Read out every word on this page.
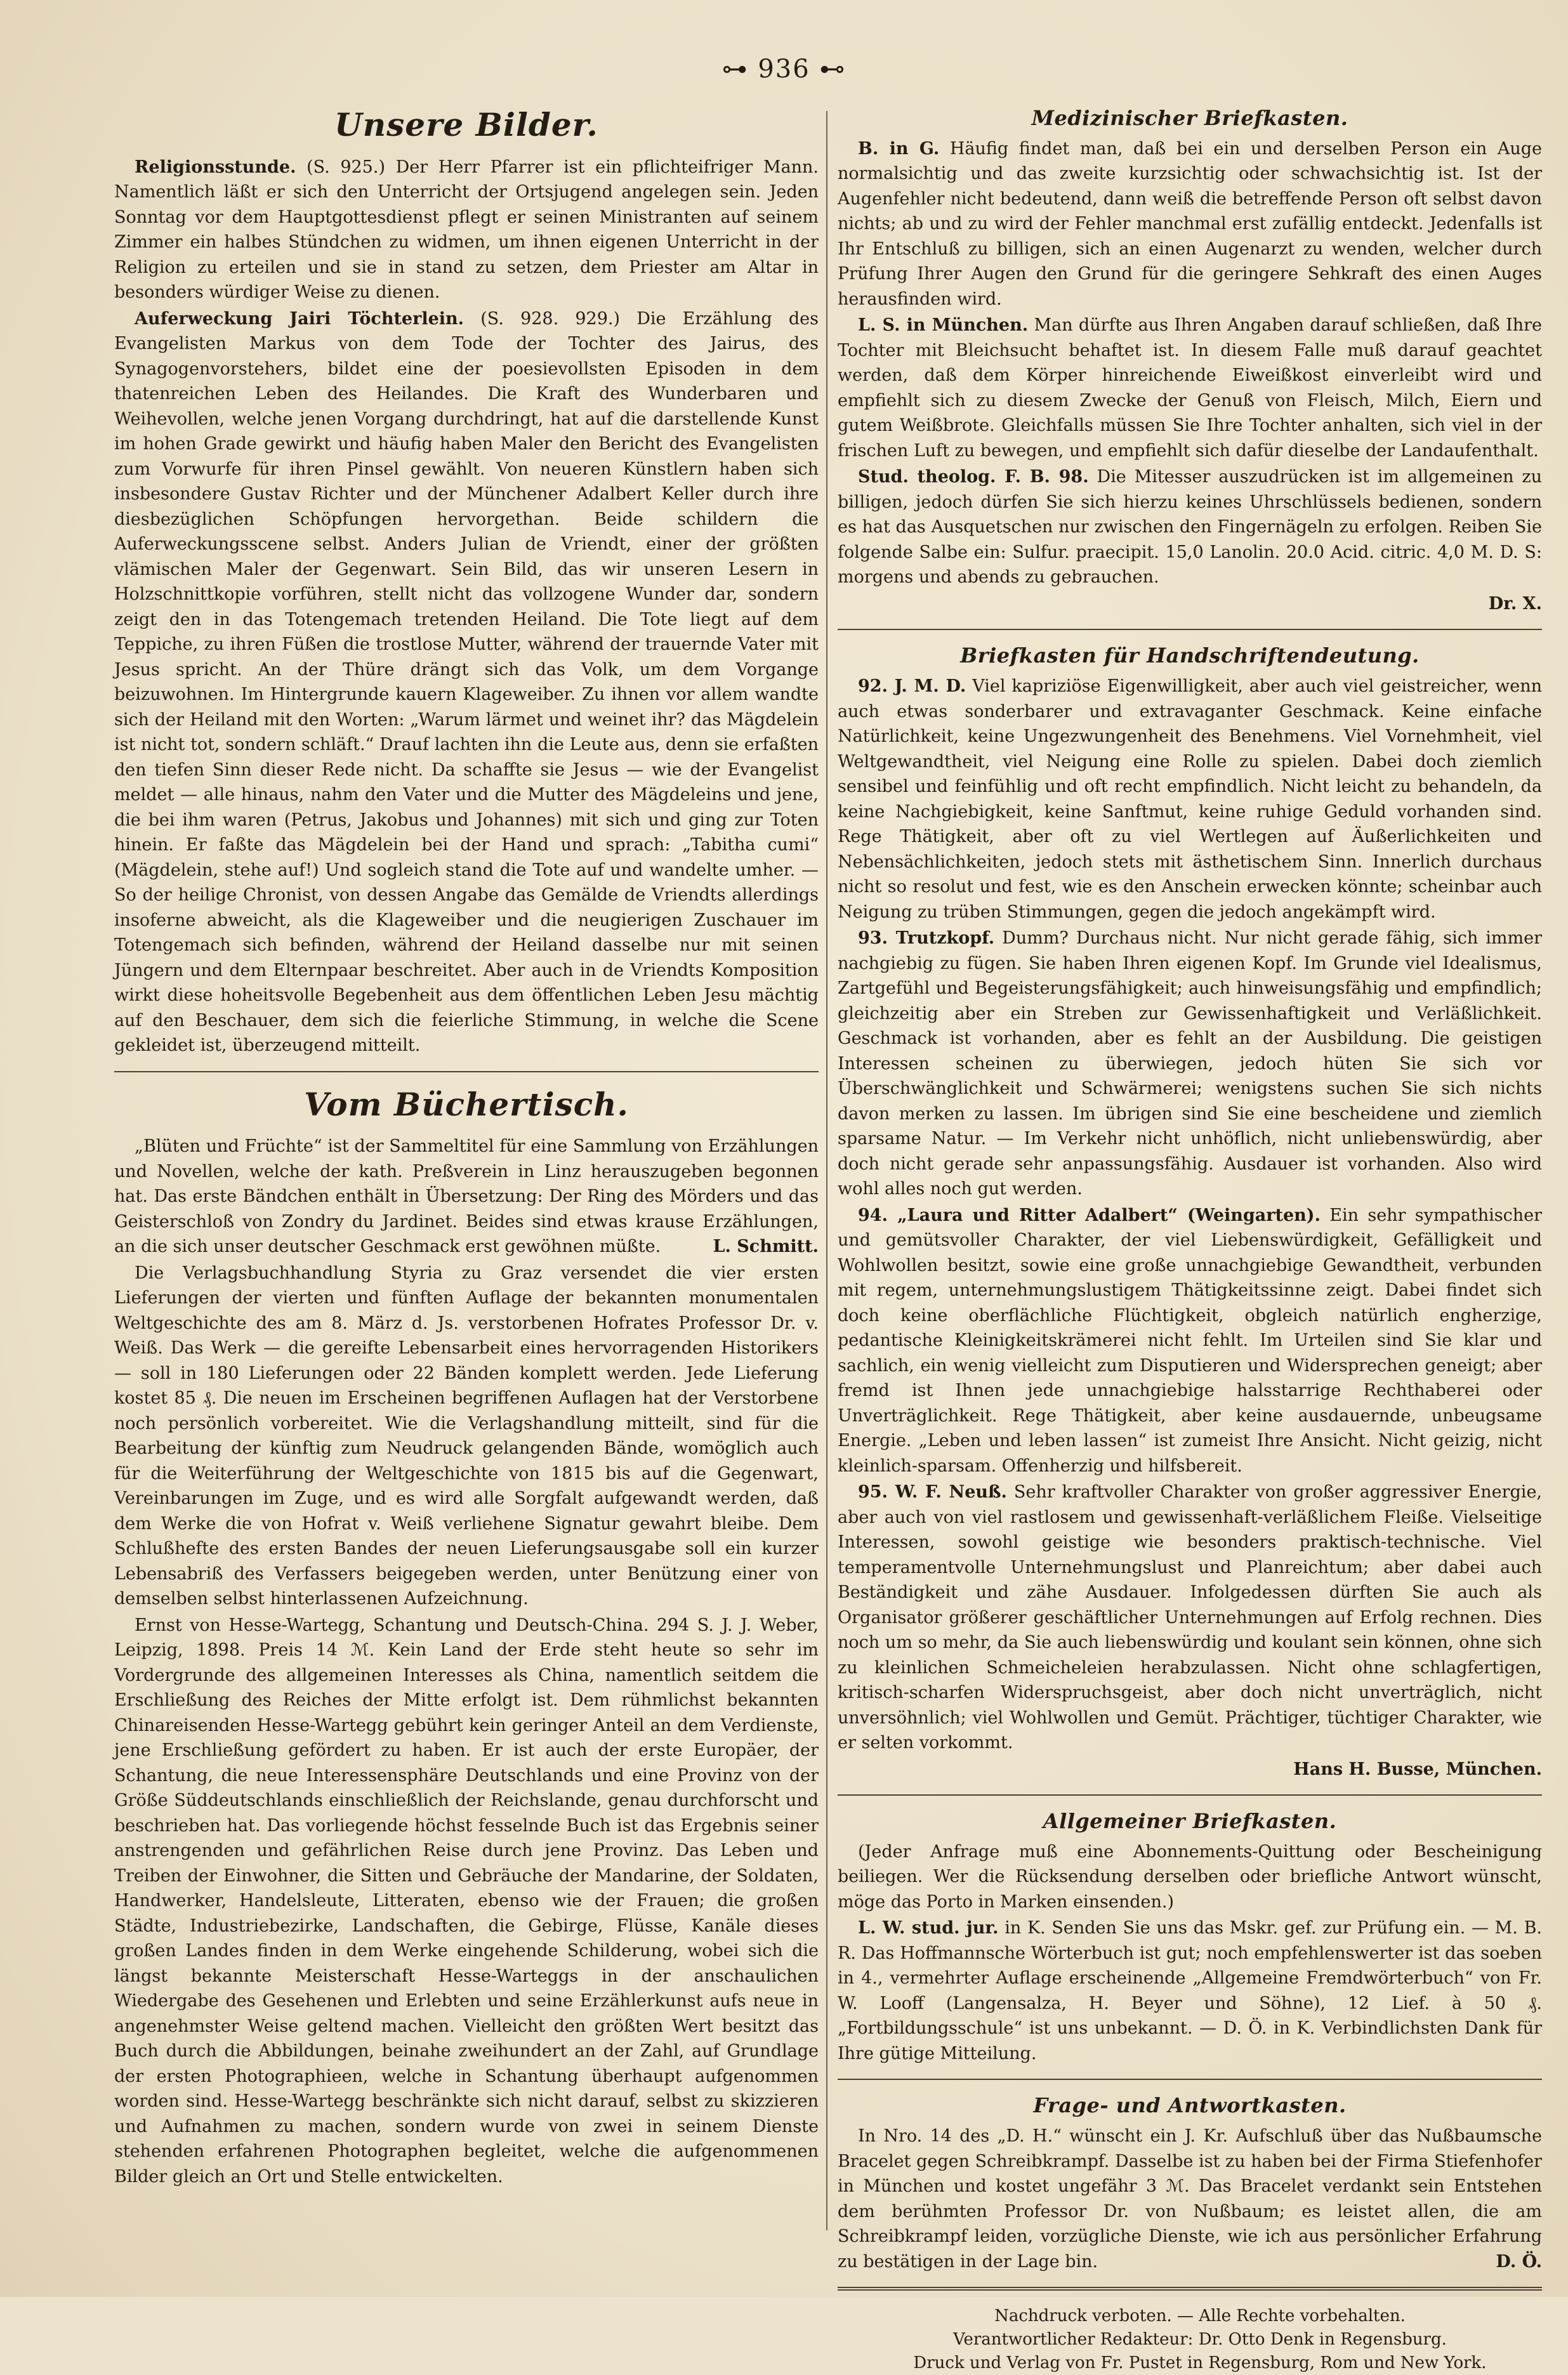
⊶ 936 ⊷
Unsere Bilder.

Religionsstunde. (S. 925.) Der Herr Pfarrer ist ein pflichteifriger Mann. Namentlich läßt er sich den Unterricht der Ortsjugend angelegen sein. Jeden Sonntag vor dem Hauptgottesdienst pflegt er seinen Ministranten auf seinem Zimmer ein halbes Stündchen zu widmen, um ihnen eigenen Unterricht in der Religion zu erteilen und sie in stand zu setzen, dem Priester am Altar in besonders würdiger Weise zu dienen.

Auferweckung Jairi Töchterlein. (S. 928. 929.) Die Erzählung des Evangelisten Markus von dem Tode der Tochter des Jairus, des Synagogenvorstehers, bildet eine der poesievollsten Episoden in dem thatenreichen Leben des Heilandes. Die Kraft des Wunderbaren und Weihevollen, welche jenen Vorgang durchdringt, hat auf die darstellende Kunst im hohen Grade gewirkt und häufig haben Maler den Bericht des Evangelisten zum Vorwurfe für ihren Pinsel gewählt. Von neueren Künstlern haben sich insbesondere Gustav Richter und der Münchener Adalbert Keller durch ihre diesbezüglichen Schöpfungen hervorgethan. Beide schildern die Auferweckungsscene selbst. Anders Julian de Vriendt, einer der größten vlämischen Maler der Gegenwart. Sein Bild, das wir unseren Lesern in Holzschnittkopie vorführen, stellt nicht das vollzogene Wunder dar, sondern zeigt den in das Totengemach tretenden Heiland. Die Tote liegt auf dem Teppiche, zu ihren Füßen die trostlose Mutter, während der trauernde Vater mit Jesus spricht. An der Thüre drängt sich das Volk, um dem Vorgange beizuwohnen. Im Hintergrunde kauern Klageweiber. Zu ihnen vor allem wandte sich der Heiland mit den Worten: „Warum lärmet und weinet ihr? das Mägdelein ist nicht tot, sondern schläft.“ Drauf lachten ihn die Leute aus, denn sie erfaßten den tiefen Sinn dieser Rede nicht. Da schaffte sie Jesus — wie der Evangelist meldet — alle hinaus, nahm den Vater und die Mutter des Mägdeleins und jene, die bei ihm waren (Petrus, Jakobus und Johannes) mit sich und ging zur Toten hinein. Er faßte das Mägdelein bei der Hand und sprach: „Tabitha cumi“ (Mägdelein, stehe auf!) Und sogleich stand die Tote auf und wandelte umher. — So der heilige Chronist, von dessen Angabe das Gemälde de Vriendts allerdings insoferne abweicht, als die Klageweiber und die neugierigen Zuschauer im Totengemach sich befinden, während der Heiland dasselbe nur mit seinen Jüngern und dem Elternpaar beschreitet. Aber auch in de Vriendts Komposition wirkt diese hoheitsvolle Begebenheit aus dem öffentlichen Leben Jesu mächtig auf den Beschauer, dem sich die feierliche Stimmung, in welche die Scene gekleidet ist, überzeugend mitteilt.

Vom Büchertisch.

„Blüten und Früchte“ ist der Sammeltitel für eine Sammlung von Erzählungen und Novellen, welche der kath. Preßverein in Linz herauszugeben begonnen hat. Das erste Bändchen enthält in Übersetzung: Der Ring des Mörders und das Geisterschloß von Zondry du Jardinet. Beides sind etwas krause Erzählungen, an die sich unser deutscher Geschmack erst gewöhnen müßte.	L. Schmitt.

Die Verlagsbuchhandlung Styria zu Graz versendet die vier ersten Lieferungen der vierten und fünften Auflage der bekannten monumentalen Weltgeschichte des am 8. März d. Js. verstorbenen Hofrates Professor Dr. v. Weiß. Das Werk — die gereifte Lebensarbeit eines hervorragenden Historikers — soll in 180 Lieferungen oder 22 Bänden komplett werden. Jede Lieferung kostet 85 ₰. Die neuen im Erscheinen begriffenen Auflagen hat der Verstorbene noch persönlich vorbereitet. Wie die Verlagshandlung mitteilt, sind für die Bearbeitung der künftig zum Neudruck gelangenden Bände, womöglich auch für die Weiterführung der Weltgeschichte von 1815 bis auf die Gegenwart, Vereinbarungen im Zuge, und es wird alle Sorgfalt aufgewandt werden, daß dem Werke die von Hofrat v. Weiß verliehene Signatur gewahrt bleibe. Dem Schlußhefte des ersten Bandes der neuen Lieferungsausgabe soll ein kurzer Lebensabriß des Verfassers beigegeben werden, unter Benützung einer von demselben selbst hinterlassenen Aufzeichnung.

Ernst von Hesse-Wartegg, Schantung und Deutsch-China. 294 S. J. J. Weber, Leipzig, 1898. Preis 14 ℳ. Kein Land der Erde steht heute so sehr im Vordergrunde des allgemeinen Interesses als China, namentlich seitdem die Erschließung des Reiches der Mitte erfolgt ist. Dem rühmlichst bekannten Chinareisenden Hesse-Wartegg gebührt kein geringer Anteil an dem Verdienste, jene Erschließung gefördert zu haben. Er ist auch der erste Europäer, der Schantung, die neue Interessensphäre Deutschlands und eine Provinz von der Größe Süddeutschlands einschließlich der Reichslande, genau durchforscht und beschrieben hat. Das vorliegende höchst fesselnde Buch ist das Ergebnis seiner anstrengenden und gefährlichen Reise durch jene Provinz. Das Leben und Treiben der Einwohner, die Sitten und Gebräuche der Mandarine, der Soldaten, Handwerker, Handelsleute, Litteraten, ebenso wie der Frauen; die großen Städte, Industriebezirke, Landschaften, die Gebirge, Flüsse, Kanäle dieses großen Landes finden in dem Werke eingehende Schilderung, wobei sich die längst bekannte Meisterschaft Hesse-Warteggs in der anschaulichen Wiedergabe des Gesehenen und Erlebten und seine Erzählerkunst aufs neue in angenehmster Weise geltend machen. Vielleicht den größten Wert besitzt das Buch durch die Abbildungen, beinahe zweihundert an der Zahl, auf Grundlage der ersten Photographieen, welche in Schantung überhaupt aufgenommen worden sind. Hesse-Wartegg beschränkte sich nicht darauf, selbst zu skizzieren und Aufnahmen zu machen, sondern wurde von zwei in seinem Dienste stehenden erfahrenen Photographen begleitet, welche die aufgenommenen Bilder gleich an Ort und Stelle entwickelten.

Medizinischer Briefkasten.

B. in G. Häufig findet man, daß bei ein und derselben Person ein Auge normalsichtig und das zweite kurzsichtig oder schwachsichtig ist. Ist der Augenfehler nicht bedeutend, dann weiß die betreffende Person oft selbst davon nichts; ab und zu wird der Fehler manchmal erst zufällig entdeckt. Jedenfalls ist Ihr Entschluß zu billigen, sich an einen Augenarzt zu wenden, welcher durch Prüfung Ihrer Augen den Grund für die geringere Sehkraft des einen Auges herausfinden wird.

L. S. in München. Man dürfte aus Ihren Angaben darauf schließen, daß Ihre Tochter mit Bleichsucht behaftet ist. In diesem Falle muß darauf geachtet werden, daß dem Körper hinreichende Eiweißkost einverleibt wird und empfiehlt sich zu diesem Zwecke der Genuß von Fleisch, Milch, Eiern und gutem Weißbrote. Gleichfalls müssen Sie Ihre Tochter anhalten, sich viel in der frischen Luft zu bewegen, und empfiehlt sich dafür dieselbe der Landaufenthalt.

Stud. theolog. F. B. 98. Die Mitesser auszudrücken ist im allgemeinen zu billigen, jedoch dürfen Sie sich hierzu keines Uhrschlüssels bedienen, sondern es hat das Ausquetschen nur zwischen den Fingernägeln zu erfolgen. Reiben Sie folgende Salbe ein: Sulfur. praecipit. 15,0 Lanolin. 20.0 Acid. citric. 4,0 M. D. S: morgens und abends zu gebrauchen.

Dr. X.
Briefkasten für Handschriftendeutung.

92. J. M. D. Viel kapriziöse Eigenwilligkeit, aber auch viel geistreicher, wenn auch etwas sonderbarer und extravaganter Geschmack. Keine einfache Natürlichkeit, keine Ungezwungenheit des Benehmens. Viel Vornehmheit, viel Weltgewandtheit, viel Neigung eine Rolle zu spielen. Dabei doch ziemlich sensibel und feinfühlig und oft recht empfindlich. Nicht leicht zu behandeln, da keine Nachgiebigkeit, keine Sanftmut, keine ruhige Geduld vorhanden sind. Rege Thätigkeit, aber oft zu viel Wertlegen auf Äußerlichkeiten und Nebensächlichkeiten, jedoch stets mit ästhetischem Sinn. Innerlich durchaus nicht so resolut und fest, wie es den Anschein erwecken könnte; scheinbar auch Neigung zu trüben Stimmungen, gegen die jedoch angekämpft wird.

93. Trutzkopf. Dumm? Durchaus nicht. Nur nicht gerade fähig, sich immer nachgiebig zu fügen. Sie haben Ihren eigenen Kopf. Im Grunde viel Idealismus, Zartgefühl und Begeisterungsfähigkeit; auch hinweisungsfähig und empfindlich; gleichzeitig aber ein Streben zur Gewissenhaftigkeit und Verläßlichkeit. Geschmack ist vorhanden, aber es fehlt an der Ausbildung. Die geistigen Interessen scheinen zu überwiegen, jedoch hüten Sie sich vor Überschwänglichkeit und Schwärmerei; wenigstens suchen Sie sich nichts davon merken zu lassen. Im übrigen sind Sie eine bescheidene und ziemlich sparsame Natur. — Im Verkehr nicht unhöflich, nicht unliebenswürdig, aber doch nicht gerade sehr anpassungsfähig. Ausdauer ist vorhanden. Also wird wohl alles noch gut werden.

94. „Laura und Ritter Adalbert“ (Weingarten). Ein sehr sympathischer und gemütsvoller Charakter, der viel Liebenswürdigkeit, Gefälligkeit und Wohlwollen besitzt, sowie eine große unnachgiebige Gewandtheit, verbunden mit regem, unternehmungslustigem Thätigkeitssinne zeigt. Dabei findet sich doch keine oberflächliche Flüchtigkeit, obgleich natürlich engherzige, pedantische Kleinigkeitskrämerei nicht fehlt. Im Urteilen sind Sie klar und sachlich, ein wenig vielleicht zum Disputieren und Widersprechen geneigt; aber fremd ist Ihnen jede unnachgiebige halsstarrige Rechthaberei oder Unverträglichkeit. Rege Thätigkeit, aber keine ausdauernde, unbeugsame Energie. „Leben und leben lassen“ ist zumeist Ihre Ansicht. Nicht geizig, nicht kleinlich-sparsam. Offenherzig und hilfsbereit.

95. W. F. Neuß. Sehr kraftvoller Charakter von großer aggressiver Energie, aber auch von viel rastlosem und gewissenhaft-verläßlichem Fleiße. Vielseitige Interessen, sowohl geistige wie besonders praktisch-technische. Viel temperamentvolle Unternehmungslust und Planreichtum; aber dabei auch Beständigkeit und zähe Ausdauer. Infolgedessen dürften Sie auch als Organisator größerer geschäftlicher Unternehmungen auf Erfolg rechnen. Dies noch um so mehr, da Sie auch liebenswürdig und koulant sein können, ohne sich zu kleinlichen Schmeicheleien herabzulassen. Nicht ohne schlagfertigen, kritisch-scharfen Widerspruchsgeist, aber doch nicht unverträglich, nicht unversöhnlich; viel Wohlwollen und Gemüt. Prächtiger, tüchtiger Charakter, wie er selten vorkommt.

Hans H. Busse, München.
Allgemeiner Briefkasten.

(Jeder Anfrage muß eine Abonnements-Quittung oder Bescheinigung beiliegen. Wer die Rücksendung derselben oder briefliche Antwort wünscht, möge das Porto in Marken einsenden.)

L. W. stud. jur. in K. Senden Sie uns das Mskr. gef. zur Prüfung ein. — M. B. R. Das Hoffmannsche Wörterbuch ist gut; noch empfehlenswerter ist das soeben in 4., vermehrter Auflage erscheinende „Allgemeine Fremdwörterbuch“ von Fr. W. Looff (Langensalza, H. Beyer und Söhne), 12 Lief. à 50 ₰. „Fortbildungsschule“ ist uns unbekannt. — D. Ö. in K. Verbindlichsten Dank für Ihre gütige Mitteilung.

Frage- und Antwortkasten.

In Nro. 14 des „D. H.“ wünscht ein J. Kr. Aufschluß über das Nußbaumsche Bracelet gegen Schreibkrampf. Dasselbe ist zu haben bei der Firma Stiefenhofer in München und kostet ungefähr 3 ℳ. Das Bracelet verdankt sein Entstehen dem berühmten Professor Dr. von Nußbaum; es leistet allen, die am Schreibkrampf leiden, vorzügliche Dienste, wie ich aus persönlicher Erfahrung zu bestätigen in der Lage bin.	D. Ö.

Nachdruck verboten. — Alle Rechte vorbehalten.

Verantwortlicher Redakteur: Dr. Otto Denk in Regensburg.

Druck und Verlag von Fr. Pustet in Regensburg, Rom und New York.
